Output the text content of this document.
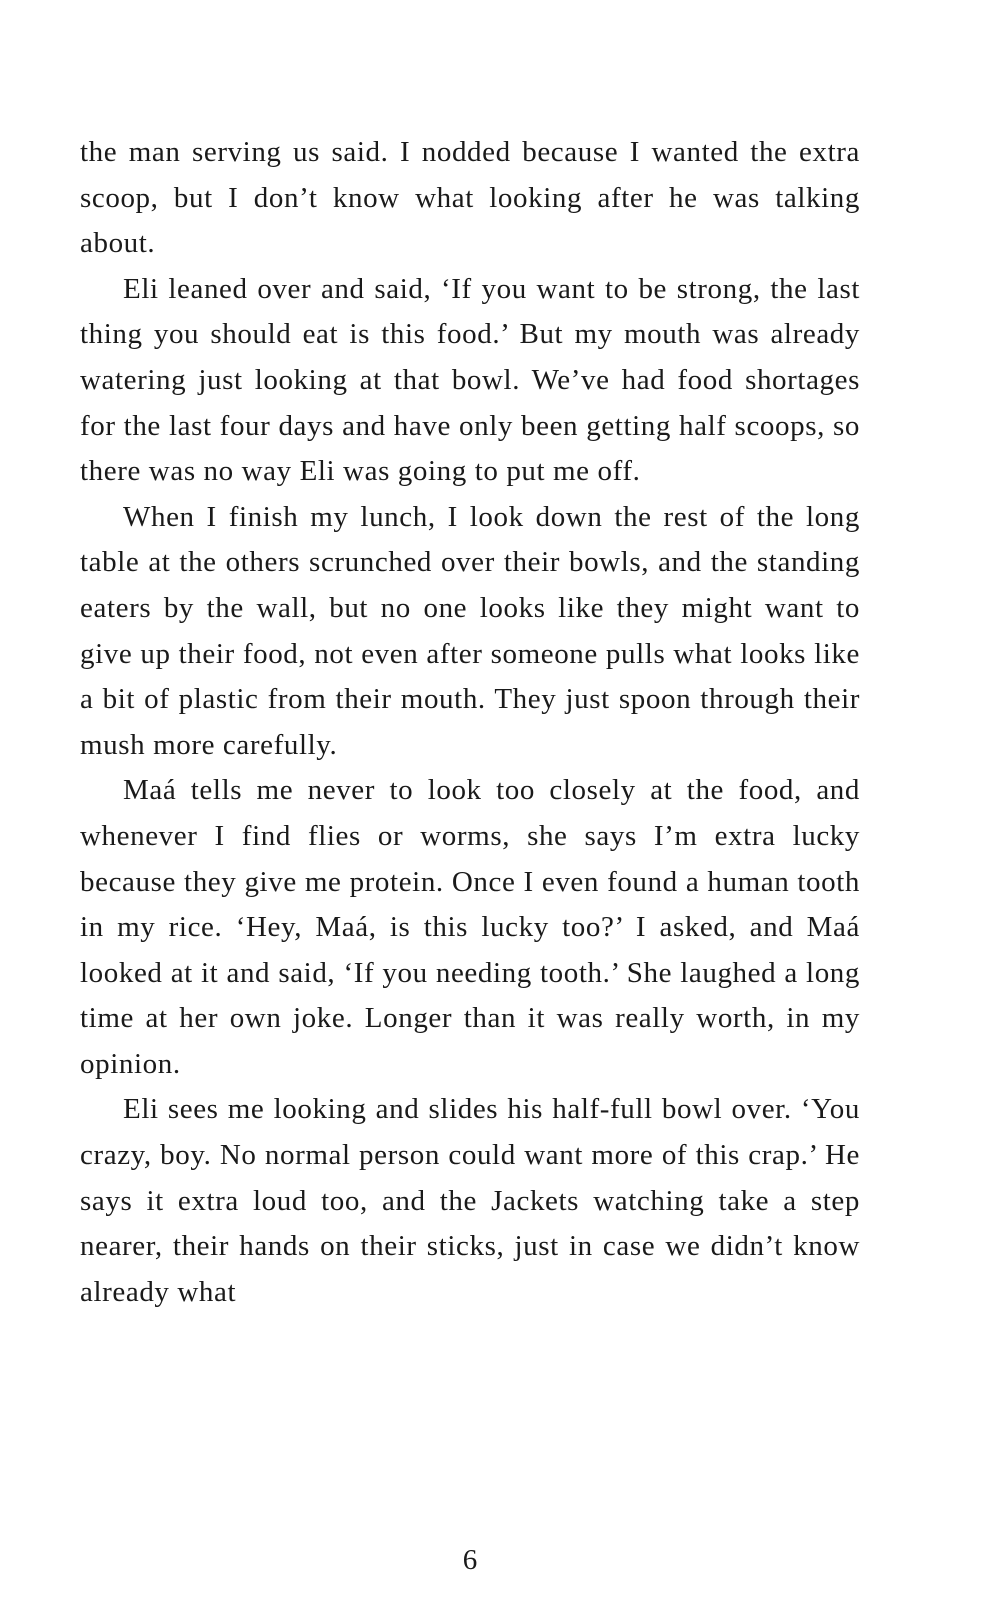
the man serving us said. I nodded because I wanted the extra scoop, but I don’t know what looking after he was talking about.

Eli leaned over and said, ‘If you want to be strong, the last thing you should eat is this food.’ But my mouth was already watering just looking at that bowl. We’ve had food shortages for the last four days and have only been getting half scoops, so there was no way Eli was going to put me off.

When I finish my lunch, I look down the rest of the long table at the others scrunched over their bowls, and the standing eaters by the wall, but no one looks like they might want to give up their food, not even after someone pulls what looks like a bit of plastic from their mouth. They just spoon through their mush more carefully.

Maá tells me never to look too closely at the food, and whenever I find flies or worms, she says I’m extra lucky because they give me protein. Once I even found a human tooth in my rice. ‘Hey, Maá, is this lucky too?’ I asked, and Maá looked at it and said, ‘If you needing tooth.’ She laughed a long time at her own joke. Longer than it was really worth, in my opinion.

Eli sees me looking and slides his half-full bowl over. ‘You crazy, boy. No normal person could want more of this crap.’ He says it extra loud too, and the Jackets watching take a step nearer, their hands on their sticks, just in case we didn’t know already what

6
